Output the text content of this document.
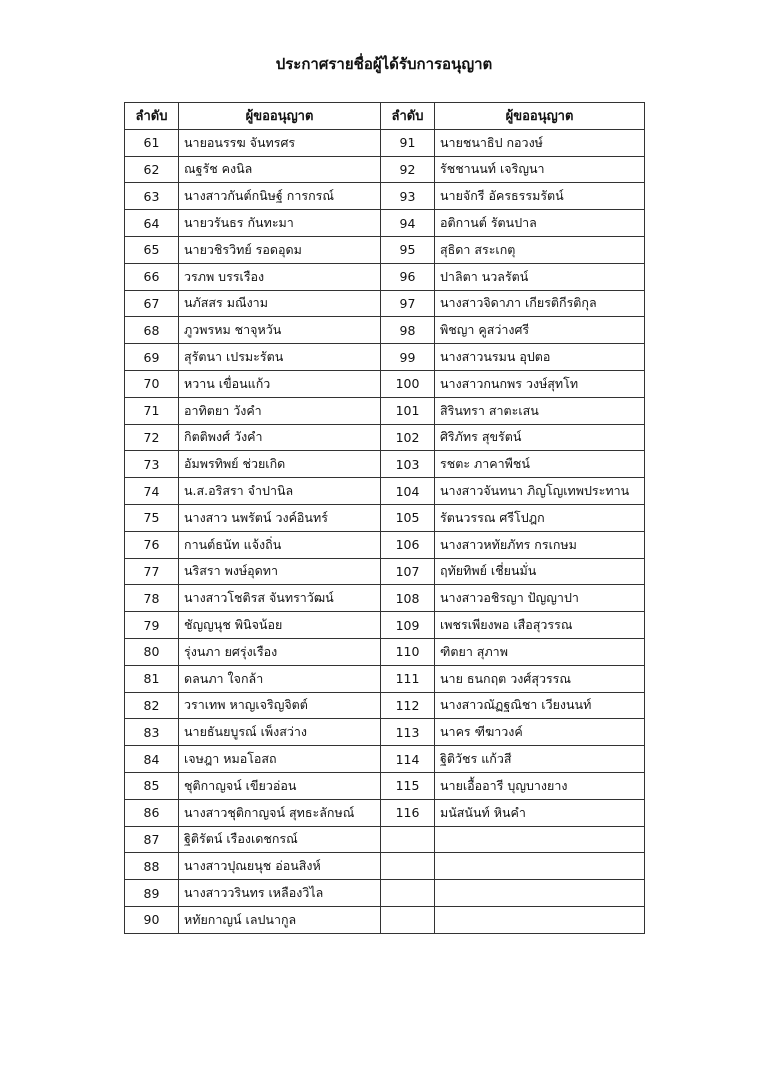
ประกาศรายชื่อผู้ได้รับการอนุญาต
ลำดับ	ผู้ขออนุญาต	ลำดับ	ผู้ขออนุญาต
61	นายอนรรฆ จันทรศร	91	นายชนาธิป กอวงษ์
62	ณฐรัช คงนิล	92	รัชชานนท์ เจริญนา
63	นางสาวกันต์กนิษฐ์ การกรณ์	93	นายจักรี อัครธรรมรัตน์
64	นายวรันธร กันทะมา	94	อติกานต์ รัตนปาล
65	นายวชิรวิทย์ รอดอุดม	95	สุธิดา สระเกตุ
66	วรภพ บรรเรือง	96	ปาลิตา นวลรัตน์
67	นภัสสร มณีงาม	97	นางสาวจิดาภา เกียรติกีรติกุล
68	ภูวพรหม ชาจุหวัน	98	พิชญา คูสว่างศรี
69	สุรัตนา เปรมะรัตน	99	นางสาวนรมน อุปตอ
70	หวาน เขื่อนแก้ว	100	นางสาวกนกพร วงษ์สุทโท
71	อาทิตยา วังคำ	101	สิรินทรา สาตะเสน
72	กิตติพงศ์ วังคำ	102	ศิริภัทร สุขรัตน์
73	อัมพรทิพย์ ช่วยเกิด	103	รชตะ ภาคาพืชน์
74	น.ส.อริสรา จำปานิล	104	นางสาวจันทนา ภิญโญเทพประทาน
75	นางสาว นพรัตน์ วงค์อินทร์	105	รัตนวรรณ ศรีโปฎก
76	กานต์ธนัท แจ้งถิ่น	106	นางสาวหทัยภัทร กรเกษม
77	นริสรา พงษ์อุดทา	107	ฤทัยทิพย์ เชี่ยนมั่น
78	นางสาวโชติรส จันทราวัฒน์	108	นางสาวอชิรญา ปัญญาปา
79	ชัญญนุช พินิจน้อย	109	เพชรเพียงพอ เสือสุวรรณ
80	รุ่งนภา ยศรุ่งเรือง	110	ฑิตยา สุภาพ
81	ดลนภา ใจกล้า	111	นาย ธนกฤต วงศ์สุวรรณ
82	วราเทพ หาญเจริญจิตต์	112	นางสาวณัฏฐณิชา เวียงนนท์
83	นายธันยบูรณ์ เพ็งสว่าง	113	นาคร ฑีฆาวงค์
84	เจษฎา หมอโอสถ	114	ฐิติวัชร แก้วสี
85	ชุติกาญจน์ เขียวอ่อน	115	นายเอื้ออารี บุญบางยาง
86	นางสาวชุติกาญจน์ สุทธะลักษณ์	116	มนัสนันท์ หินคำ
87	ฐิติรัตน์ เรืองเดชกรณ์		
88	นางสาวปุณยนุช อ่อนสิงห์		
89	นางสาววรินทร เหลืองวิไล		
90	หทัยกาญน์ เลปนากูล		
